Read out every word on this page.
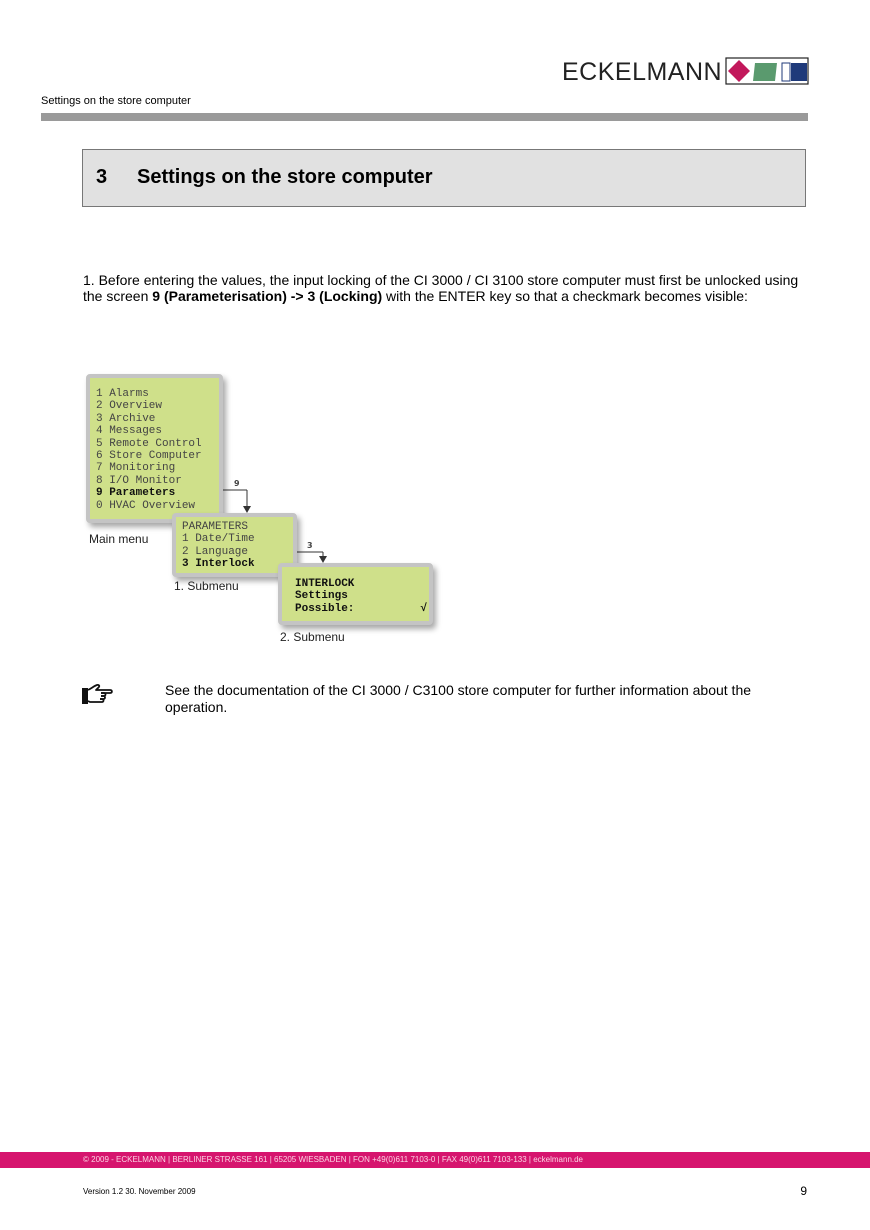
ECKELMANN
Settings on the store computer
3 Settings on the store computer
1. Before entering the values, the input locking of the CI 3000 / CI 3100 store computer must first be unlocked using the screen 9 (Parameterisation) -> 3 (Locking) with the ENTER key so that a checkmark becomes visible:
9
3
1 Alarms
2 Overview
3 Archive
4 Messages
5 Remote Control
6 Store Computer
7 Monitoring
8 I/O Monitor
9 Parameters
0 HVAC Overview
Main menu
PARAMETERS
1 Date/Time
2 Language
3 Interlock
1. Submenu	INTERLOCK
Settings
Possible:          √
2. Submenu
See the documentation of the CI 3000 / C3100 store computer for further information about the operation.
© 2009 - ECKELMANN | BERLINER STRASSE 161 | 65205 WIESBADEN | FON +49(0)611 7103-0 | FAX 49(0)611 7103-133 | eckelmann.de
Version 1.2 30. November 2009	9
